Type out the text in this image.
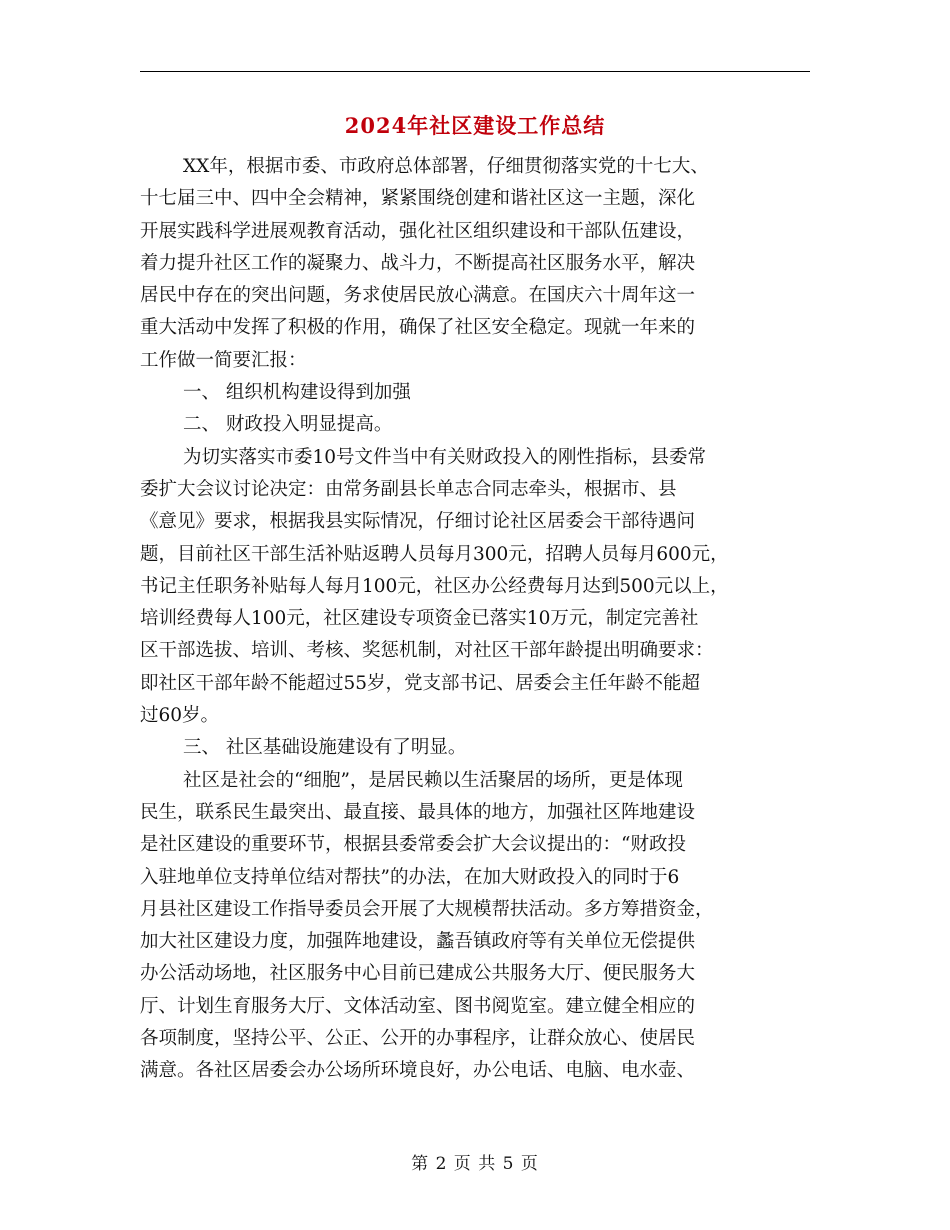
2024年社区建设工作总结
XX年，根据市委、市政府总体部署，仔细贯彻落实党的十七大、
十七届三中、四中全会精神，紧紧围绕创建和谐社区这一主题，深化
开展实践科学进展观教育活动，强化社区组织建设和干部队伍建设，
着力提升社区工作的凝聚力、战斗力，不断提高社区服务水平，解决
居民中存在的突出问题，务求使居民放心满意。在国庆六十周年这一
重大活动中发挥了积极的作用，确保了社区安全稳定。现就一年来的
工作做一简要汇报：
一、 组织机构建设得到加强
二、 财政投入明显提高。
为切实落实市委10号文件当中有关财政投入的刚性指标，县委常
委扩大会议讨论决定：由常务副县长单志合同志牵头，根据市、县
《意见》要求，根据我县实际情况，仔细讨论社区居委会干部待遇问
题，目前社区干部生活补贴返聘人员每月300元，招聘人员每月600元，
书记主任职务补贴每人每月100元，社区办公经费每月达到500元以上，
培训经费每人100元，社区建设专项资金已落实10万元，制定完善社
区干部选拔、培训、考核、奖惩机制，对社区干部年龄提出明确要求：
即社区干部年龄不能超过55岁，党支部书记、居委会主任年龄不能超
过60岁。
三、 社区基础设施建设有了明显。
社区是社会的“细胞”，是居民赖以生活聚居的场所，更是体现
民生，联系民生最突出、最直接、最具体的地方，加强社区阵地建设
是社区建设的重要环节，根据县委常委会扩大会议提出的：“财政投
入驻地单位支持单位结对帮扶”的办法，在加大财政投入的同时于6
月县社区建设工作指导委员会开展了大规模帮扶活动。多方筹措资金，
加大社区建设力度，加强阵地建设，蠡吾镇政府等有关单位无偿提供
办公活动场地，社区服务中心目前已建成公共服务大厅、便民服务大
厅、计划生育服务大厅、文体活动室、图书阅览室。建立健全相应的
各项制度，坚持公平、公正、公开的办事程序，让群众放心、使居民
满意。各社区居委会办公场所环境良好，办公电话、电脑、电水壶、
第 2 页 共 5 页
